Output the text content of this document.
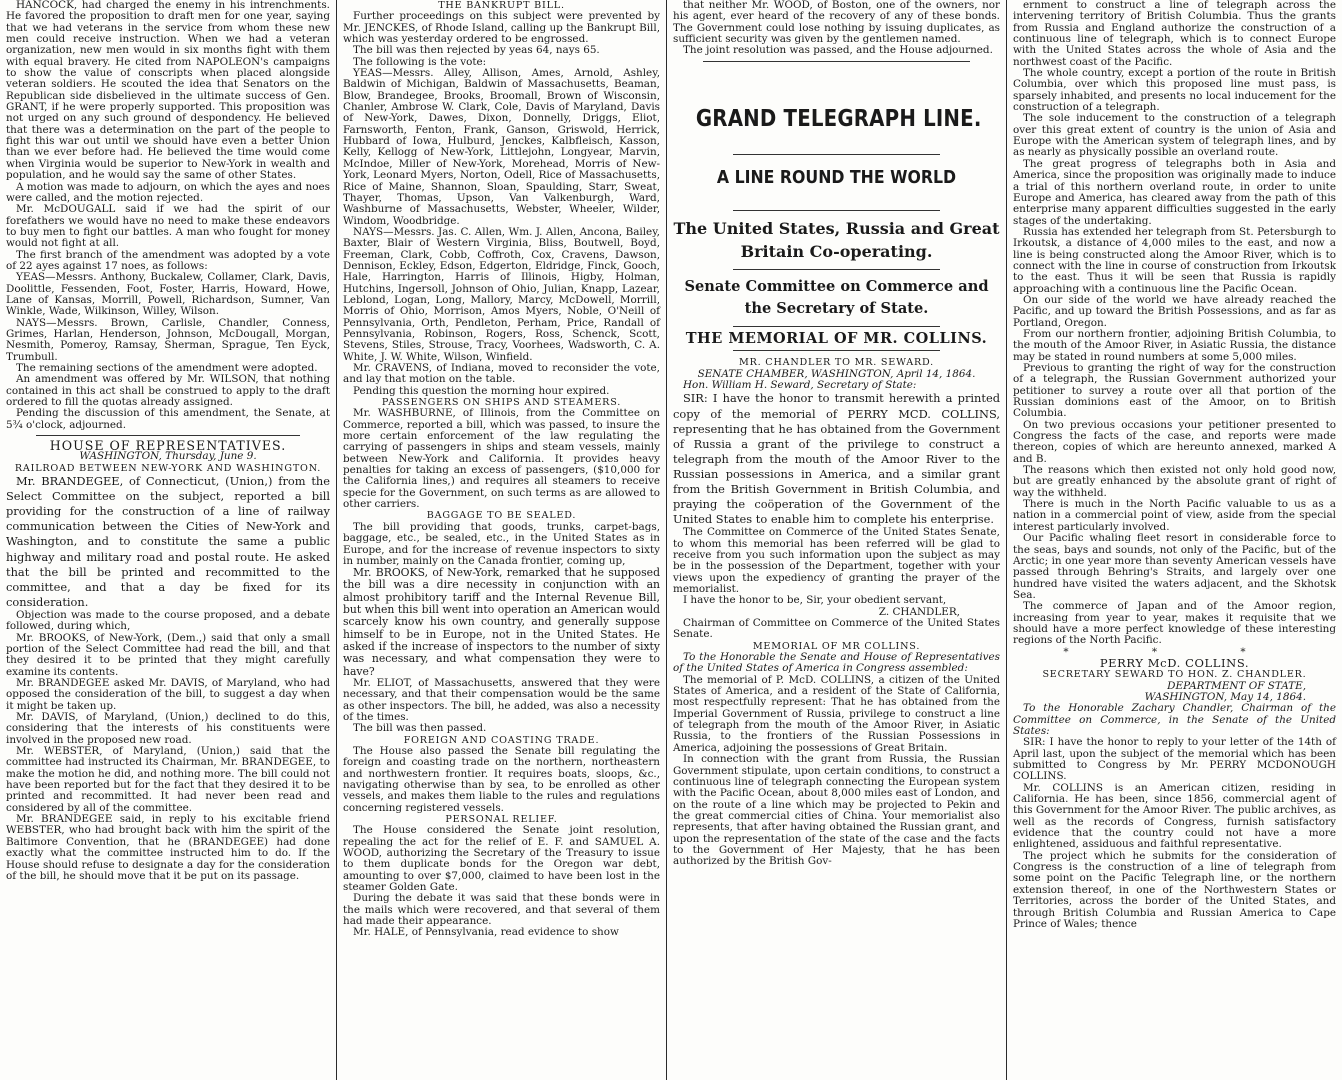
HANCOCK, had charged the enemy in his intrenchments. He favored the proposition to draft men for one year, saying that we had veterans in the service from whom these new men could receive instruction. When we had a veteran organization, new men would in six months fight with them with equal bravery. He cited from NAPOLEON's campaigns to show the value of conscripts when placed alongside veteran soldiers. He scouted the idea that Senators on the Republican side disbelieved in the ultimate success of Gen. GRANT, if he were properly supported. This proposition was not urged on any such ground of despondency. He believed that there was a determination on the part of the people to fight this war out until we should have even a better Union than we ever before had. He believed the time would come when Virginia would be superior to New-York in wealth and population, and he would say the same of other States.

A motion was made to adjourn, on which the ayes and noes were called, and the motion rejected.

Mr. McDOUGALL said if we had the spirit of our forefathers we would have no need to make these endeavors to buy men to fight our battles. A man who fought for money would not fight at all.

The first branch of the amendment was adopted by a vote of 22 ayes against 17 noes, as follows:

YEAS—Messrs. Anthony, Buckalew, Collamer, Clark, Davis, Doolittle, Fessenden, Foot, Foster, Harris, Howard, Howe, Lane of Kansas, Morrill, Powell, Richardson, Sumner, Van Winkle, Wade, Wilkinson, Willey, Wilson.

NAYS—Messrs. Brown, Carlisle, Chandler, Conness, Grimes, Harlan, Henderson, Johnson, McDougall, Morgan, Nesmith, Pomeroy, Ramsay, Sherman, Sprague, Ten Eyck, Trumbull.

The remaining sections of the amendment were adopted.

An amendment was offered by Mr. WILSON, that nothing contained in this act shall be construed to apply to the draft ordered to fill the quotas already assigned.

Pending the discussion of this amendment, the Senate, at 5¾ o'clock, adjourned.

HOUSE OF REPRESENTATIVES.

WASHINGTON, Thursday, June 9.

RAILROAD BETWEEN NEW-YORK AND WASHINGTON.

Mr. BRANDEGEE, of Connecticut, (Union,) from the Select Committee on the subject, reported a bill providing for the construction of a line of railway communication between the Cities of New-York and Washington, and to constitute the same a public highway and military road and postal route. He asked that the bill be printed and recommitted to the committee, and that a day be fixed for its consideration.

Objection was made to the course proposed, and a debate followed, during which,

Mr. BROOKS, of New-York, (Dem.,) said that only a small portion of the Select Committee had read the bill, and that they desired it to be printed that they might carefully examine its contents.

Mr. BRANDEGEE asked Mr. DAVIS, of Maryland, who had opposed the consideration of the bill, to suggest a day when it might be taken up.

Mr. DAVIS, of Maryland, (Union,) declined to do this, considering that the interests of his constituents were involved in the proposed new road.

Mr. WEBSTER, of Maryland, (Union,) said that the committee had instructed its Chairman, Mr. BRANDEGEE, to make the motion he did, and nothing more. The bill could not have been reported but for the fact that they desired it to be printed and recommitted. It had never been read and considered by all of the committee.

Mr. BRANDEGEE said, in reply to his excitable friend WEBSTER, who had brought back with him the spirit of the Baltimore Convention, that he (BRANDEGEE) had done exactly what the committee instructed him to do. If the House should refuse to designate a day for the consideration of the bill, he should move that it be put on its passage.

THE BANKRUPT BILL.

Further proceedings on this subject were prevented by Mr. JENCKES, of Rhode Island, calling up the Bankrupt Bill, which was yesterday ordered to be engrossed.

The bill was then rejected by yeas 64, nays 65.

The following is the vote:

YEAS—Messrs. Alley, Allison, Ames, Arnold, Ashley, Baldwin of Michigan, Baldwin of Massachusetts, Beaman, Blow, Brandegee, Brooks, Broomall, Brown of Wisconsin, Chanler, Ambrose W. Clark, Cole, Davis of Maryland, Davis of New-York, Dawes, Dixon, Donnelly, Driggs, Eliot, Farnsworth, Fenton, Frank, Ganson, Griswold, Herrick, Hubbard of Iowa, Hulburd, Jenckes, Kalbfleisch, Kasson, Kelly, Kellogg of New-York, Littlejohn, Longyear, Marvin, McIndoe, Miller of New-York, Morehead, Morris of New-York, Leonard Myers, Norton, Odell, Rice of Massachusetts, Rice of Maine, Shannon, Sloan, Spaulding, Starr, Sweat, Thayer, Thomas, Upson, Van Valkenburgh, Ward, Washburne of Massachusetts, Webster, Wheeler, Wilder, Windom, Woodbridge.

NAYS—Messrs. Jas. C. Allen, Wm. J. Allen, Ancona, Bailey, Baxter, Blair of Western Virginia, Bliss, Boutwell, Boyd, Freeman, Clark, Cobb, Coffroth, Cox, Cravens, Dawson, Dennison, Eckley, Edson, Edgerton, Eldridge, Finck, Gooch, Hale, Harrington, Harris of Illinois, Higby, Holman, Hutchins, Ingersoll, Johnson of Ohio, Julian, Knapp, Lazear, Leblond, Logan, Long, Mallory, Marcy, McDowell, Morrill, Morris of Ohio, Morrison, Amos Myers, Noble, O'Neill of Pennsylvania, Orth, Pendleton, Perham, Price, Randall of Pennsylvania, Robinson, Rogers, Ross, Schenck, Scott, Stevens, Stiles, Strouse, Tracy, Voorhees, Wadsworth, C. A. White, J. W. White, Wilson, Winfield.

Mr. CRAVENS, of Indiana, moved to reconsider the vote, and lay that motion on the table.

Pending this question the morning hour expired.

PASSENGERS ON SHIPS AND STEAMERS.

Mr. WASHBURNE, of Illinois, from the Committee on Commerce, reported a bill, which was passed, to insure the more certain enforcement of the law regulating the carrying of passengers in ships and steam vessels, mainly between New-York and California. It provides heavy penalties for taking an excess of passengers, ($10,000 for the California lines,) and requires all steamers to receive specie for the Government, on such terms as are allowed to other carriers.

BAGGAGE TO BE SEALED.

The bill providing that goods, trunks, carpet-bags, baggage, etc., be sealed, etc., in the United States as in Europe, and for the increase of revenue inspectors to sixty in number, mainly on the Canada frontier, coming up,

Mr. BROOKS, of New-York, remarked that he supposed the bill was a dire necessity in conjunction with an almost prohibitory tariff and the Internal Revenue Bill, but when this bill went into operation an American would scarcely know his own country, and generally suppose himself to be in Europe, not in the United States. He asked if the increase of inspectors to the number of sixty was necessary, and what compensation they were to have?

Mr. ELIOT, of Massachusetts, answered that they were necessary, and that their compensation would be the same as other inspectors. The bill, he added, was also a necessity of the times.

The bill was then passed.

FOREIGN AND COASTING TRADE.

The House also passed the Senate bill regulating the foreign and coasting trade on the northern, northeastern and northwestern frontier. It requires boats, sloops, &c., navigating otherwise than by sea, to be enrolled as other vessels, and makes them liable to the rules and regulations concerning registered vessels.

PERSONAL RELIEF.

The House considered the Senate joint resolution, repealing the act for the relief of E. F. and SAMUEL A. WOOD, authorizing the Secretary of the Treasury to issue to them duplicate bonds for the Oregon war debt, amounting to over $7,000, claimed to have been lost in the steamer Golden Gate.

During the debate it was said that these bonds were in the mails which were recovered, and that several of them had made their appearance.

Mr. HALE, of Pennsylvania, read evidence to show

that neither Mr. WOOD, of Boston, one of the owners, nor his agent, ever heard of the recovery of any of these bonds. The Government could lose nothing by issuing duplicates, as sufficient security was given by the gentlemen named.

The joint resolution was passed, and the House adjourned.

GRAND TELEGRAPH LINE.
A LINE ROUND THE WORLD

The United States, Russia and Great Britain Co-operating.

Senate Committee on Commerce and the Secretary of State.

THE MEMORIAL OF MR. COLLINS.

MR. CHANDLER TO MR. SEWARD.

SENATE CHAMBER, WASHINGTON, April 14, 1864.

Hon. William H. Seward, Secretary of State:

SIR: I have the honor to transmit herewith a printed copy of the memorial of PERRY MCD. COLLINS, representing that he has obtained from the Government of Russia a grant of the privilege to construct a telegraph from the mouth of the Amoor River to the Russian possessions in America, and a similar grant from the British Government in British Columbia, and praying the coöperation of the Government of the United States to enable him to complete his enterprise.

The Committee on Commerce of the United States Senate, to whom this memorial has been referred will be glad to receive from you such information upon the subject as may be in the possession of the Department, together with your views upon the expediency of granting the prayer of the memorialist.

I have the honor to be, Sir, your obedient servant,

Z. CHANDLER,

Chairman of Committee on Commerce of the United States Senate.

MEMORIAL OF MR COLLINS.

To the Honorable the Senate and House of Representatives of the United States of America in Congress assembled:

The memorial of P. McD. COLLINS, a citizen of the United States of America, and a resident of the State of California, most respectfully represent: That he has obtained from the Imperial Government of Russia, privilege to construct a line of telegraph from the mouth of the Amoor River, in Asiatic Russia, to the frontiers of the Russian Possessions in America, adjoining the possessions of Great Britain.

In connection with the grant from Russia, the Russian Government stipulate, upon certain conditions, to construct a continuous line of telegraph connecting the European system with the Pacific Ocean, about 8,000 miles east of London, and on the route of a line which may be projected to Pekin and the great commercial cities of China. Your memorialist also represents, that after having obtained the Russian grant, and upon the representation of the state of the case and the facts to the Government of Her Majesty, that he has been authorized by the British Gov-

ernment to construct a line of telegraph across the intervening territory of British Columbia. Thus the grants from Russia and England authorize the construction of a continuous line of telegraph, which is to connect Europe with the United States across the whole of Asia and the northwest coast of the Pacific.

The whole country, except a portion of the route in British Columbia, over which this proposed line must pass, is sparsely inhabited, and presents no local inducement for the construction of a telegraph.

The sole inducement to the construction of a telegraph over this great extent of country is the union of Asia and Europe with the American system of telegraph lines, and by as nearly as physically possible an overland route.

The great progress of telegraphs both in Asia and America, since the proposition was originally made to induce a trial of this northern overland route, in order to unite Europe and America, has cleared away from the path of this enterprise many apparent difficulties suggested in the early stages of the undertaking.

Russia has extended her telegraph from St. Petersburgh to Irkoutsk, a distance of 4,000 miles to the east, and now a line is being constructed along the Amoor River, which is to connect with the line in course of construction from Irkoutsk to the east. Thus it will be seen that Russia is rapidly approaching with a continuous line the Pacific Ocean.

On our side of the world we have already reached the Pacific, and up toward the British Possessions, and as far as Portland, Oregon.

From our northern frontier, adjoining British Columbia, to the mouth of the Amoor River, in Asiatic Russia, the distance may be stated in round numbers at some 5,000 miles.

Previous to granting the right of way for the construction of a telegraph, the Russian Government authorized your petitioner to survey a route over all that portion of the Russian dominions east of the Amoor, on to British Columbia.

On two previous occasions your petitioner presented to Congress the facts of the case, and reports were made thereon, copies of which are hereunto annexed, marked A and B.

The reasons which then existed not only hold good now, but are greatly enhanced by the absolute grant of right of way the withheld.

There is much in the North Pacific valuable to us as a nation in a commercial point of view, aside from the special interest particularly involved.

Our Pacific whaling fleet resort in considerable force to the seas, bays and sounds, not only of the Pacific, but of the Arctic; in one year more than seventy American vessels have passed through Behring's Straits, and largely over one hundred have visited the waters adjacent, and the Skhotsk Sea.

The commerce of Japan and of the Amoor region, increasing from year to year, makes it requisite that we should have a more perfect knowledge of these interesting regions of the North Pacific.

* * *

PERRY McD. COLLINS.

SECRETARY SEWARD TO HON. Z. CHANDLER.

DEPARTMENT OF STATE,

WASHINGTON, May 14, 1864.

To the Honorable Zachary Chandler, Chairman of the Committee on Commerce, in the Senate of the United States:

SIR: I have the honor to reply to your letter of the 14th of April last, upon the subject of the memorial which has been submitted to Congress by Mr. PERRY MCDONOUGH COLLINS.

Mr. COLLINS is an American citizen, residing in California. He has been, since 1856, commercial agent of this Government for the Amoor River. The public archives, as well as the records of Congress, furnish satisfactory evidence that the country could not have a more enlightened, assiduous and faithful representative.

The project which he submits for the consideration of Congress is the construction of a line of telegraph from some point on the Pacific Telegraph line, or the northern extension thereof, in one of the Northwestern States or Territories, across the border of the United States, and through British Columbia and Russian America to Cape Prince of Wales; thence
